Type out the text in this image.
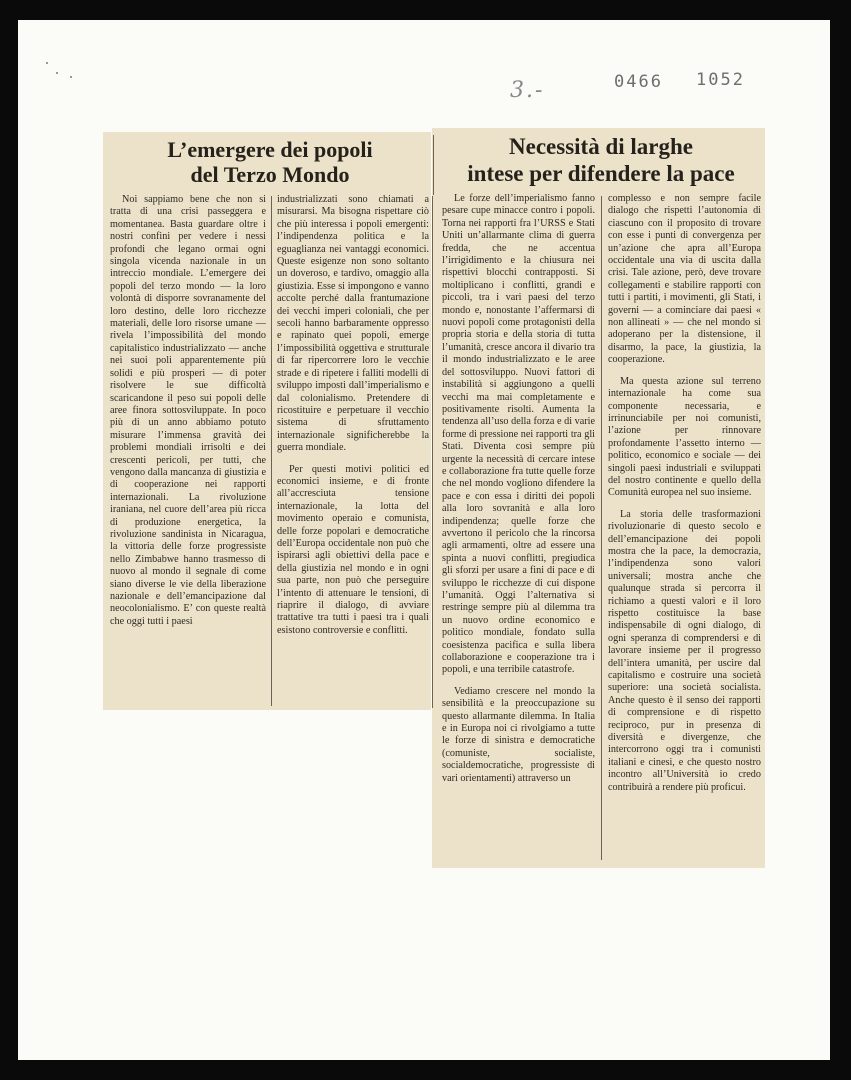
3.-	0466 1052
L’emergere dei popoli
del Terzo Mondo
Necessità di larghe
intese per difendere la pace

Noi sappiamo bene che non si tratta di una crisi passeggera e momentanea. Basta guardare oltre i nostri confini per vedere i nessi profondi che legano ormai ogni singola vicenda nazionale in un intreccio mondiale. L’emergere dei popoli del terzo mondo — la loro volontà di disporre sovranamente del loro destino, delle loro ricchezze materiali, delle loro risorse umane — rivela l’impossibilità del mondo capitalistico industrializzato — anche nei suoi poli apparentemente più solidi e più prosperi — di poter risolvere le sue difficoltà scaricandone il peso sui popoli delle aree finora sottosviluppate. In poco più di un anno abbiamo potuto misurare l’immensa gravità dei problemi mondiali irrisolti e dei crescenti pericoli, per tutti, che vengono dalla mancanza di giustizia e di cooperazione nei rapporti internazionali. La rivoluzione iraniana, nel cuore dell’area più ricca di produzione energetica, la rivoluzione sandinista in Nicaragua, la vittoria delle forze progressiste nello Zimbabwe hanno trasmesso di nuovo al mondo il segnale di come siano diverse le vie della liberazione nazionale e dell’emancipazione dal neocolonialismo. E’ con queste realtà che oggi tutti i paesi

industrializzati sono chiamati a misurarsi. Ma bisogna rispettare ciò che più interessa i popoli emergenti: l’indipendenza politica e la eguaglianza nei vantaggi economici. Queste esigenze non sono soltanto un doveroso, e tardivo, omaggio alla giustizia. Esse si impongono e vanno accolte perché dalla frantumazione dei vecchi imperi coloniali, che per secoli hanno barbaramente oppresso e rapinato quei popoli, emerge l’impossibilità oggettiva e strutturale di far ripercorrere loro le vecchie strade e di ripetere i falliti modelli di sviluppo imposti dall’imperialismo e dal colonialismo. Pretendere di ricostituire e perpetuare il vecchio sistema di sfruttamento internazionale significherebbe la guerra mondiale.

Per questi motivi politici ed economici insieme, e di fronte all’accresciuta tensione internazionale, la lotta del movimento operaio e comunista, delle forze popolari e democratiche dell’Europa occidentale non può che ispirarsi agli obiettivi della pace e della giustizia nel mondo e in ogni sua parte, non può che perseguire l’intento di attenuare le tensioni, di riaprire il dialogo, di avviare trattative tra tutti i paesi tra i quali esistono controversie e conflitti.

Le forze dell’imperialismo fanno pesare cupe minacce contro i popoli. Torna nei rapporti fra l’URSS e Stati Uniti un’allarmante clima di guerra fredda, che ne accentua l’irrigidimento e la chiusura nei rispettivi blocchi contrapposti. Si moltiplicano i conflitti, grandi e piccoli, tra i vari paesi del terzo mondo e, nonostante l’affermarsi di nuovi popoli come protagonisti della propria storia e della storia di tutta l’umanità, cresce ancora il divario tra il mondo industrializzato e le aree del sottosviluppo. Nuovi fattori di instabilità si aggiungono a quelli vecchi ma mai completamente e positivamente risolti. Aumenta la tendenza all’uso della forza e di varie forme di pressione nei rapporti tra gli Stati. Diventa così sempre più urgente la necessità di cercare intese e collaborazione fra tutte quelle forze che nel mondo vogliono difendere la pace e con essa i diritti dei popoli alla loro sovranità e alla loro indipendenza; quelle forze che avvertono il pericolo che la rincorsa agli armamenti, oltre ad essere una spinta a nuovi conflitti, pregiudica gli sforzi per usare a fini di pace e di sviluppo le ricchezze di cui dispone l’umanità. Oggi l’alternativa si restringe sempre più al dilemma tra un nuovo ordine economico e politico mondiale, fondato sulla coesistenza pacifica e sulla libera collaborazione e cooperazione tra i popoli, e una terribile catastrofe.

Vediamo crescere nel mondo la sensibilità e la preoccupazione su questo allarmante dilemma. In Italia e in Europa noi ci rivolgiamo a tutte le forze di sinistra e democratiche (comuniste, socialiste, socialdemocratiche, progressiste di vari orientamenti) attraverso un

complesso e non sempre facile dialogo che rispetti l’autonomia di ciascuno con il proposito di trovare con esse i punti di convergenza per un’azione che apra all’Europa occidentale una via di uscita dalla crisi. Tale azione, però, deve trovare collegamenti e stabilire rapporti con tutti i partiti, i movimenti, gli Stati, i governi — a cominciare dai paesi « non allineati » — che nel mondo si adoperano per la distensione, il disarmo, la pace, la giustizia, la cooperazione.

Ma questa azione sul terreno internazionale ha come sua componente necessaria, e irrinunciabile per noi comunisti, l’azione per rinnovare profondamente l’assetto interno — politico, economico e sociale — dei singoli paesi industriali e sviluppati del nostro continente e quello della Comunità europea nel suo insieme.

La storia delle trasformazioni rivoluzionarie di questo secolo e dell’emancipazione dei popoli mostra che la pace, la democrazia, l’indipendenza sono valori universali; mostra anche che qualunque strada si percorra il richiamo a questi valori e il loro rispetto costituisce la base indispensabile di ogni dialogo, di ogni speranza di comprendersi e di lavorare insieme per il progresso dell’intera umanità, per uscire dal capitalismo e costruire una società superiore: una società socialista. Anche questo è il senso dei rapporti di comprensione e di rispetto reciproco, pur in presenza di diversità e divergenze, che intercorrono oggi tra i comunisti italiani e cinesi, e che questo nostro incontro all’Università io credo contribuirà a rendere più proficui.
